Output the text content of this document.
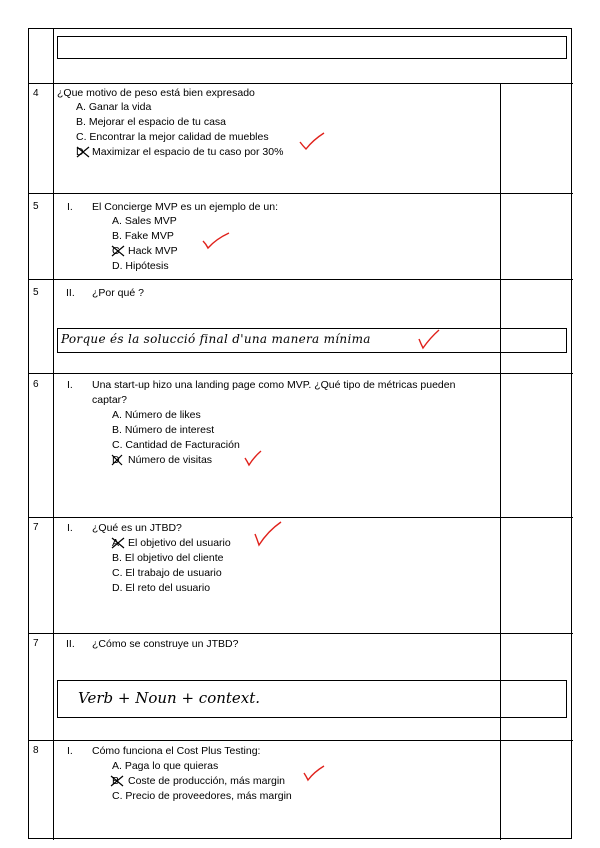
4 ¿Que motivo de peso está bien expresado
A. Ganar la vida
B. Mejorar el espacio de tu casa
C. Encontrar la mejor calidad de muebles
D Maximizar el espacio de tu caso por 30%
5	I. El Concierge MVP es un ejemplo de un:
A. Sales MVP
B. Fake MVP
C Hack MVP
D. Hipótesis
5	II. ¿Por qué ?
Porque és la solucció final d'una manera mínima
6	I. Una start-up hizo una landing page como MVP. ¿Qué tipo de métricas pueden
captar?
A. Número de likes
B. Número de interest
C. Cantidad de Facturación
D Número de visitas
7	I. ¿Qué es un JTBD?
A El objetivo del usuario
B. El objetivo del cliente
C. El trabajo de usuario
D. El reto del usuario
7	II. ¿Cómo se construye un JTBD?
Verb + Noun + context.
8	I. Cómo funciona el Cost Plus Testing:
A. Paga lo que quieras
B Coste de producción, más margin
C. Precio de proveedores, más margin
